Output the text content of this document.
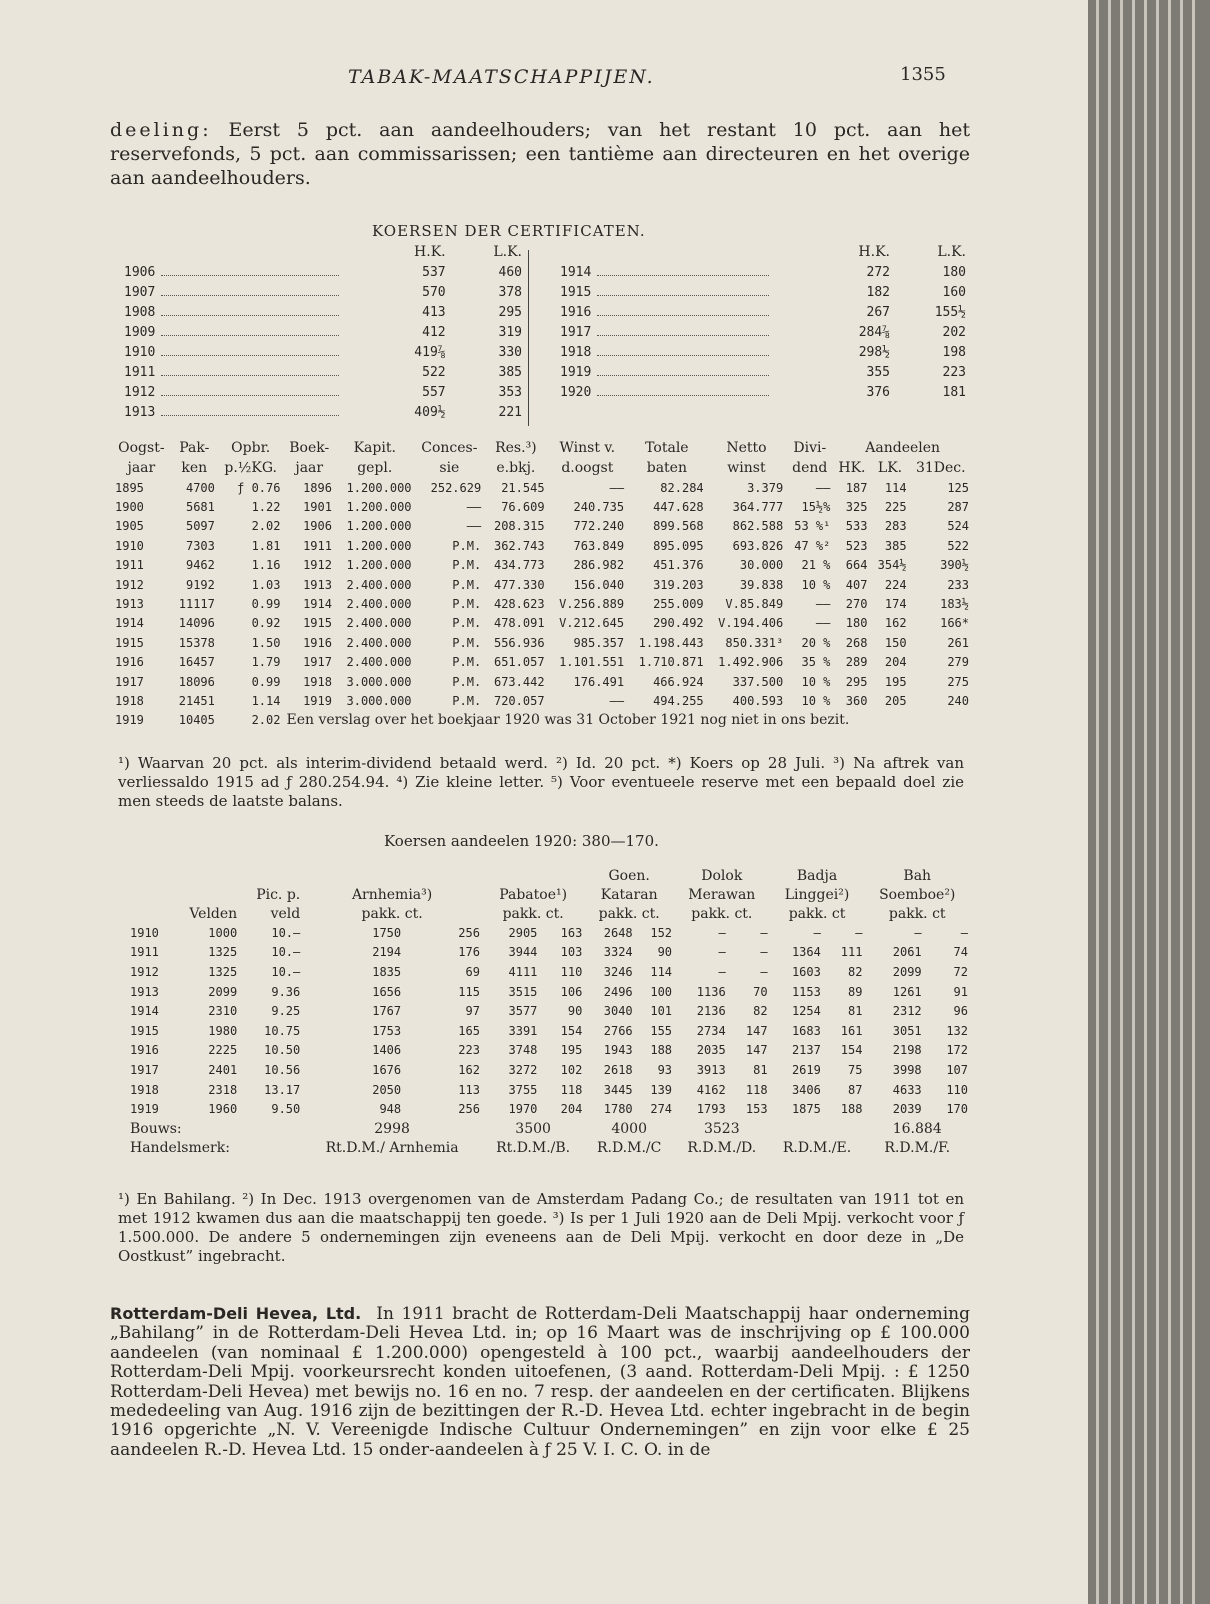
TABAK-MAATSCHAPPIJEN.	1355

deeling: Eerst 5 pct. aan aandeelhouders; van het restant 10 pct. aan het reservefonds, 5 pct. aan commissarissen; een tantième aan directeuren en het overige aan aandeelhouders.

KOERSEN DER CERTIFICATEN.
	H.K.	L.K.
1906	537	460
1907	570	378
1908	413	295
1909	412	319
1910	419⅞	330
1911	522	385
1912	557	353
1913	409½	221
	H.K.	L.K.
1914	272	180
1915	182	160
1916	267	155½
1917	284⅞	202
1918	298½	198
1919	355	223
1920	376	181
Oogst-	Pak-	Opbr.	Boek-	Kapit.	Conces-	Res.³)	Winst v.	Totale	Netto	Divi-	Aandeelen		
jaar	ken	p.½KG.	jaar	gepl.	sie	e.bkj.	d.oogst	baten	winst	dend	HK.	LK.	31Dec.
1895	4700	ƒ 0.76	1896	1.200.000	252.629	21.545	——	82.284	3.379	——	187	114	125
1900	5681	1.22	1901	1.200.000	——	76.609	240.735	447.628	364.777	15½%	325	225	287
1905	5097	2.02	1906	1.200.000	——	208.315	772.240	899.568	862.588	53 %¹	533	283	524
1910	7303	1.81	1911	1.200.000	P.M.	362.743	763.849	895.095	693.826	47 %²	523	385	522
1911	9462	1.16	1912	1.200.000	P.M.	434.773	286.982	451.376	30.000	21 %	664	354½	390½
1912	9192	1.03	1913	2.400.000	P.M.	477.330	156.040	319.203	39.838	10 %	407	224	233
1913	11117	0.99	1914	2.400.000	P.M.	428.623	V.256.889	255.009	V.85.849	——	270	174	183½
1914	14096	0.92	1915	2.400.000	P.M.	478.091	V.212.645	290.492	V.194.406	——	180	162	166*
1915	15378	1.50	1916	2.400.000	P.M.	556.936	985.357	1.198.443	850.331³	20 %	268	150	261
1916	16457	1.79	1917	2.400.000	P.M.	651.057	1.101.551	1.710.871	1.492.906	35 %	289	204	279
1917	18096	0.99	1918	3.000.000	P.M.	673.442	176.491	466.924	337.500	10 %	295	195	275
1918	21451	1.14	1919	3.000.000	P.M.	720.057	——	494.255	400.593	10 %	360	205	240
1919	10405	2.02	Een verslag over het boekjaar 1920 was 31 October 1921 nog niet in ons bezit.										

¹) Waarvan 20 pct. als interim-dividend betaald werd. ²) Id. 20 pct. *) Koers op 28 Juli. ³) Na aftrek van verliessaldo 1915 ad ƒ 280.254.94. ⁴) Zie kleine letter. ⁵) Voor eventueele reserve met een bepaald doel zie men steeds de laatste balans.

Koersen aandeelen 1920: 380—170.
							Goen.		Dolok		Badja		Bah	
		Pic. p.	Arnhemia³)		Pabatoe¹)		Kataran		Merawan		Linggei²)		Soemboe²)	
	Velden	veld	pakk. ct.		pakk. ct.		pakk. ct.		pakk. ct.		pakk. ct		pakk. ct	
1910	1000	10.—	1750	256	2905	163	2648	152	—	—	—	—	—	—
1911	1325	10.—	2194	176	3944	103	3324	90	—	—	1364	111	2061	74
1912	1325	10.—	1835	69	4111	110	3246	114	—	—	1603	82	2099	72
1913	2099	9.36	1656	115	3515	106	2496	100	1136	70	1153	89	1261	91
1914	2310	9.25	1767	97	3577	90	3040	101	2136	82	1254	81	2312	96
1915	1980	10.75	1753	165	3391	154	2766	155	2734	147	1683	161	3051	132
1916	2225	10.50	1406	223	3748	195	1943	188	2035	147	2137	154	2198	172
1917	2401	10.56	1676	162	3272	102	2618	93	3913	81	2619	75	3998	107
1918	2318	13.17	2050	113	3755	118	3445	139	4162	118	3406	87	4633	110
1919	1960	9.50	948	256	1970	204	1780	274	1793	153	1875	188	2039	170
Bouws:			2998		3500		4000		3523				16.884	
Handelsmerk:			Rt.D.M./ Arnhemia		Rt.D.M./B.		R.D.M./C		R.D.M./D.		R.D.M./E.		R.D.M./F.	

¹) En Bahilang. ²) In Dec. 1913 overgenomen van de Amsterdam Padang Co.; de resultaten van 1911 tot en met 1912 kwamen dus aan die maatschappij ten goede. ³) Is per 1 Juli 1920 aan de Deli Mpij. verkocht voor ƒ 1.500.000. De andere 5 ondernemingen zijn eveneens aan de Deli Mpij. verkocht en door deze in „De Oostkust” ingebracht.

Rotterdam-Deli Hevea, Ltd. In 1911 bracht de Rotterdam-Deli Maatschappij haar onderneming „Bahilang” in de Rotterdam-Deli Hevea Ltd. in; op 16 Maart was de inschrijving op £ 100.000 aandeelen (van nominaal £ 1.200.000) opengesteld à 100 pct., waarbij aandeelhouders der Rotterdam-Deli Mpij. voorkeursrecht konden uitoefenen, (3 aand. Rotterdam-Deli Mpij. : £ 1250 Rotterdam-Deli Hevea) met bewijs no. 16 en no. 7 resp. der aandeelen en der certificaten. Blijkens mededeeling van Aug. 1916 zijn de bezittingen der R.-D. Hevea Ltd. echter ingebracht in de begin 1916 opgerichte „N. V. Vereenigde Indische Cultuur Ondernemingen” en zijn voor elke £ 25 aandeelen R.-D. Hevea Ltd. 15 onder-aandeelen à ƒ 25 V. I. C. O. in de
